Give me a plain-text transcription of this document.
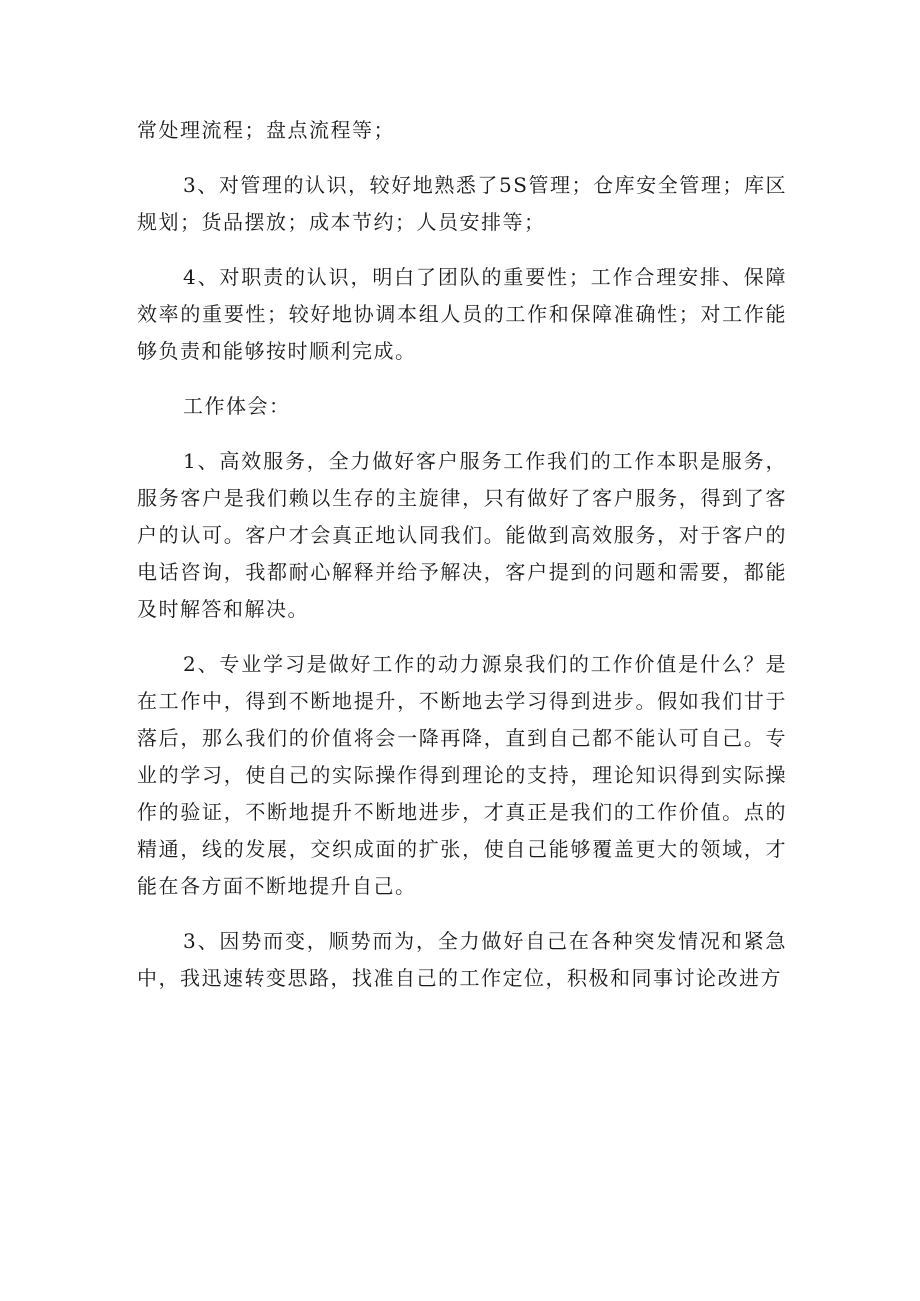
常处理流程；盘点流程等；

3、对管理的认识，较好地熟悉了5S管理；仓库安全管理；库区规划；货品摆放；成本节约；人员安排等；

4、对职责的认识，明白了团队的重要性；工作合理安排、保障效率的重要性；较好地协调本组人员的工作和保障准确性；对工作能够负责和能够按时顺利完成。

工作体会：

1、高效服务，全力做好客户服务工作我们的工作本职是服务，服务客户是我们赖以生存的主旋律，只有做好了客户服务，得到了客户的认可。客户才会真正地认同我们。能做到高效服务，对于客户的电话咨询，我都耐心解释并给予解决，客户提到的问题和需要，都能及时解答和解决。

2、专业学习是做好工作的动力源泉我们的工作价值是什么？是在工作中，得到不断地提升，不断地去学习得到进步。假如我们甘于落后，那么我们的价值将会一降再降，直到自己都不能认可自己。专业的学习，使自己的实际操作得到理论的支持，理论知识得到实际操作的验证，不断地提升不断地进步，才真正是我们的工作价值。点的精通，线的发展，交织成面的扩张，使自己能够覆盖更大的领域，才能在各方面不断地提升自己。

3、因势而变，顺势而为，全力做好自己在各种突发情况和紧急中，我迅速转变思路，找准自己的工作定位，积极和同事讨论改进方
